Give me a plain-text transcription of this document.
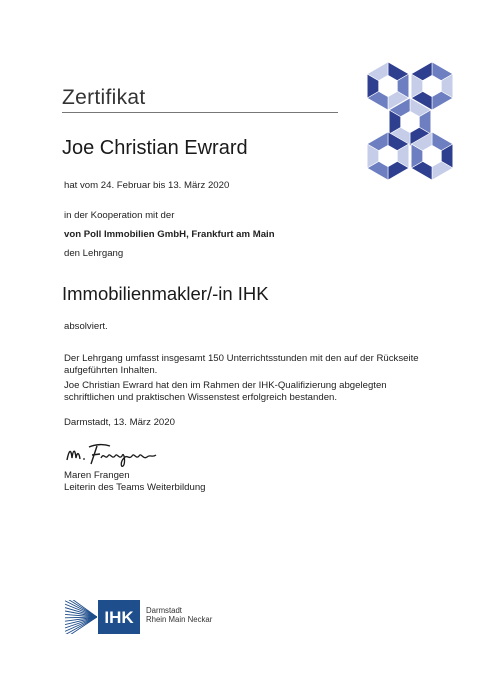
Zertifikat
Joe Christian Ewrard
hat vom 24. Februar bis 13. März 2020
in der Kooperation mit der
von Poll Immobilien GmbH, Frankfurt am Main
den Lehrgang
Immobilienmakler/-in IHK
absolviert.
Der Lehrgang umfasst insgesamt 150 Unterrichtsstunden mit den auf der Rückseite
aufgeführten Inhalten.
Joe Christian Ewrard hat den im Rahmen der IHK-Qualifizierung abgelegten
schriftlichen und praktischen Wissenstest erfolgreich bestanden.
Darmstadt, 13. März 2020
Maren Frangen
Leiterin des Teams Weiterbildung
IHK Darmstadt
Rhein Main Neckar
